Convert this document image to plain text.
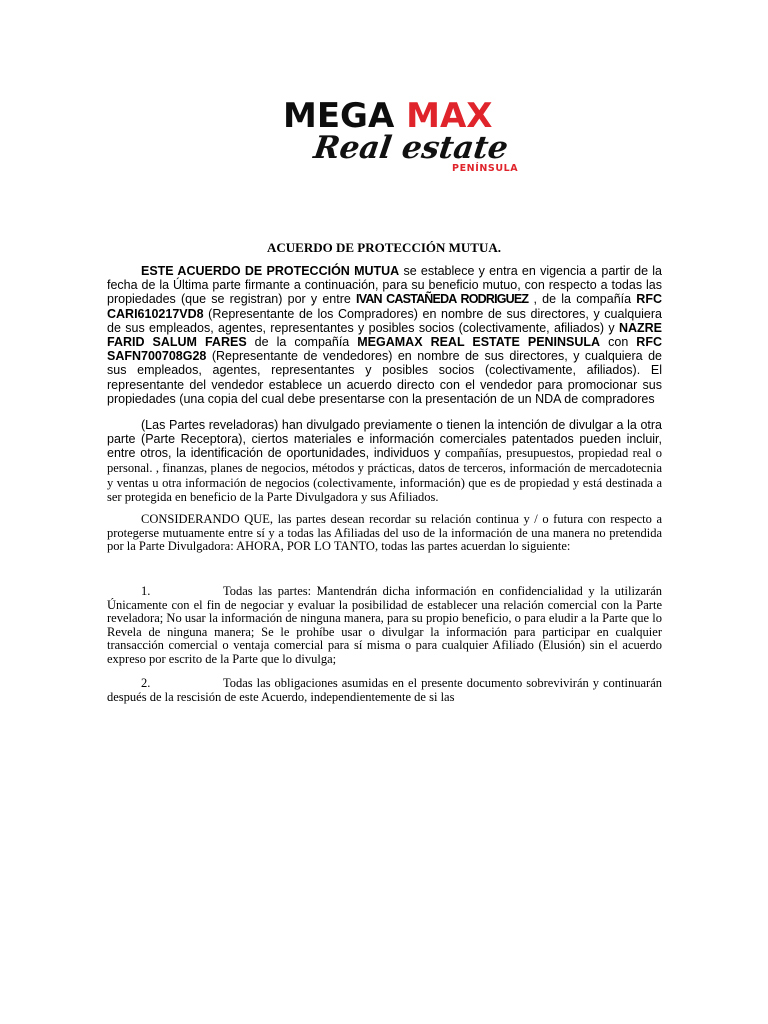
MEGA MAX
Real estate
PENÍNSULA
ACUERDO DE PROTECCIÓN MUTUA.

ESTE ACUERDO DE PROTECCIÓN MUTUA se establece y entra en vigencia a partir de la fecha de la Última parte firmante a continuación, para su beneficio mutuo, con respecto a todas las propiedades (que se registran) por y entre IVAN CASTAÑEDA RODRIGUEZ , de la compañía RFC CARI610217VD8 (Representante de los Compradores) en nombre de sus directores, y cualquiera de sus empleados, agentes, representantes y posibles socios (colectivamente, afiliados) y NAZRE FARID SALUM FARES de la compañía MEGAMAX REAL ESTATE PENINSULA con RFC SAFN700708G28 (Representante de vendedores) en nombre de sus directores, y cualquiera de sus empleados, agentes, representantes y posibles socios (colectivamente, afiliados). El representante del vendedor establece un acuerdo directo con el vendedor para promocionar sus propiedades (una copia del cual debe presentarse con la presentación de un NDA de compradores

(Las Partes reveladoras) han divulgado previamente o tienen la intención de divulgar a la otra parte (Parte Receptora), ciertos materiales e información comerciales patentados pueden incluir, entre otros, la identificación de oportunidades, individuos y compañías, presupuestos, propiedad real o personal. , finanzas, planes de negocios, métodos y prácticas, datos de terceros, información de mercadotecnia y ventas u otra información de negocios (colectivamente, información) que es de propiedad y está destinada a ser protegida en beneficio de la Parte Divulgadora y sus Afiliados.

CONSIDERANDO QUE, las partes desean recordar su relación continua y / o futura con respecto a protegerse mutuamente entre sí y a todas las Afiliadas del uso de la información de una manera no pretendida por la Parte Divulgadora: AHORA, POR LO TANTO, todas las partes acuerdan lo siguiente:

1.	Todas las partes: Mantendrán dicha información en confidencialidad y la utilizarán Únicamente con el fin de negociar y evaluar la posibilidad de establecer una relación comercial con la Parte reveladora; No usar la información de ninguna manera, para su propio beneficio, o para eludir a la Parte que lo Revela de ninguna manera; Se le prohíbe usar o divulgar la información para participar en cualquier transacción comercial o ventaja comercial para sí misma o para cualquier Afiliado (Elusión) sin el acuerdo expreso por escrito de la Parte que lo divulga;

2.	Todas las obligaciones asumidas en el presente documento sobrevivirán y continuarán después de la rescisión de este Acuerdo, independientemente de si las
